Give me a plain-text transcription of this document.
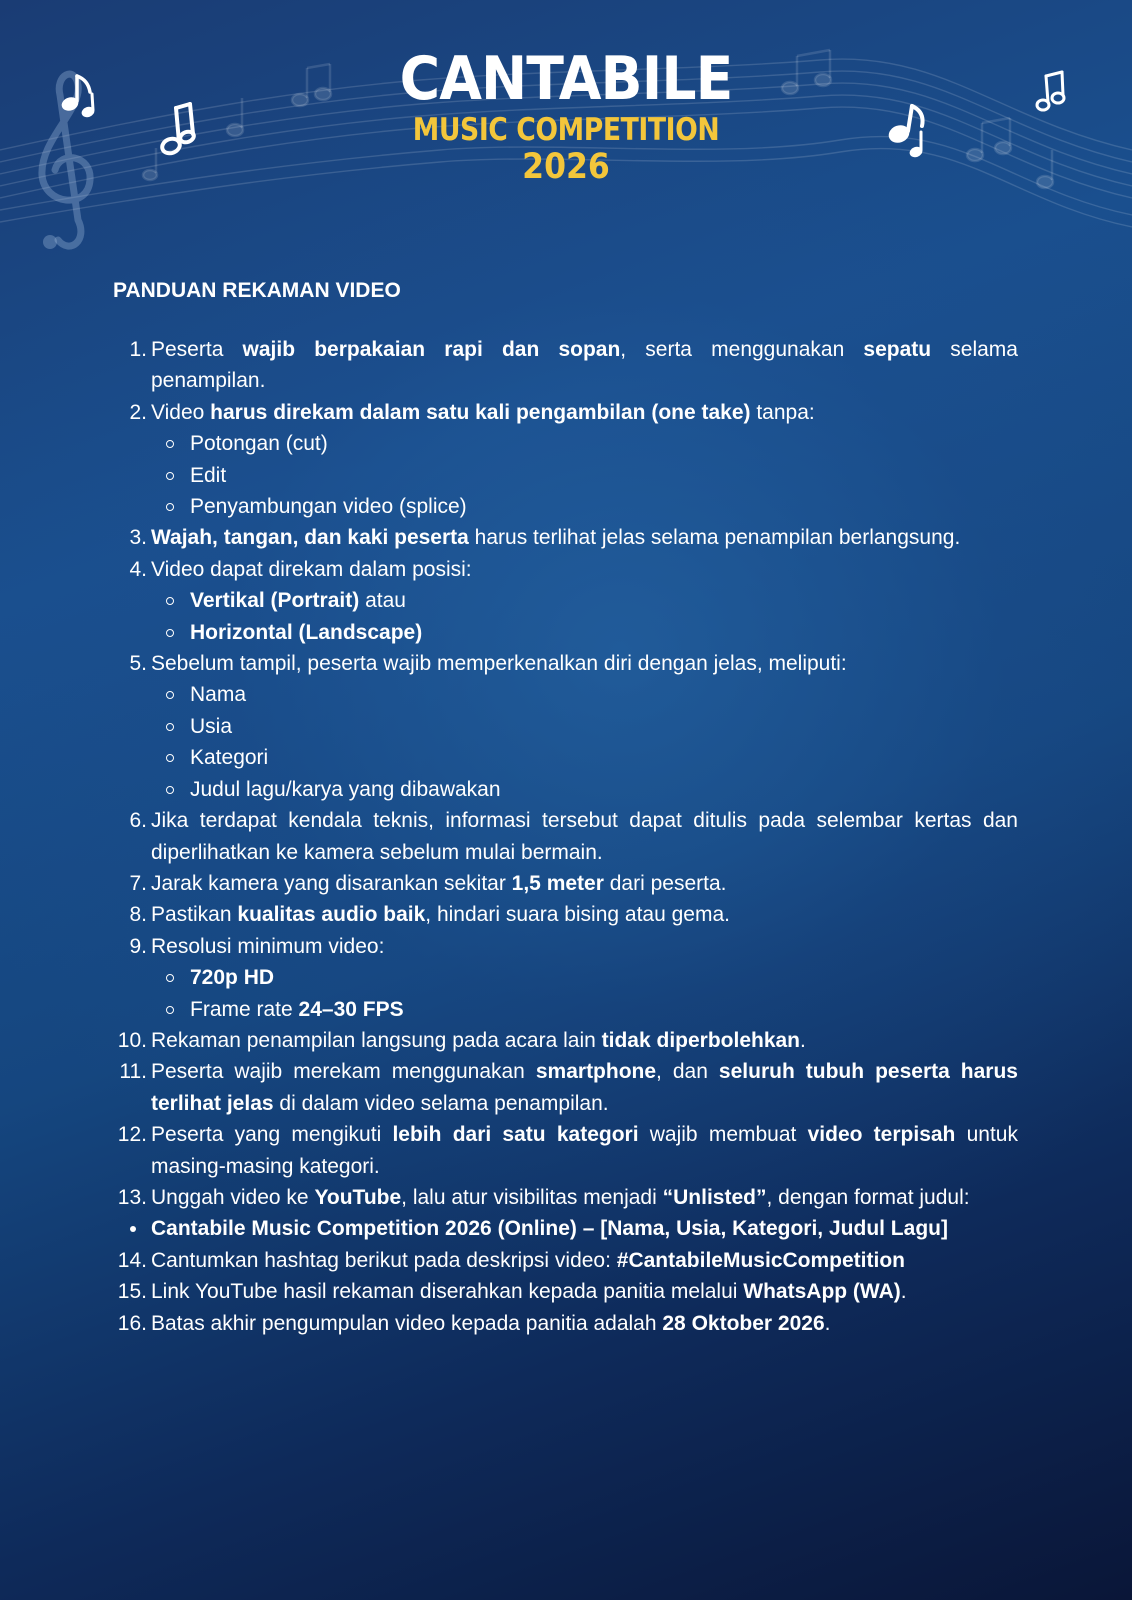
CANTABILE
MUSIC COMPETITION
2026
PANDUAN REKAMAN VIDEO
1. Peserta wajib berpakaian rapi dan sopan, serta menggunakan sepatu selama penampilan.
2. Video harus direkam dalam satu kali pengambilan (one take) tanpa:
Potongan (cut)
Edit
Penyambungan video (splice)
3. Wajah, tangan, dan kaki peserta harus terlihat jelas selama penampilan berlangsung.
4. Video dapat direkam dalam posisi:
Vertikal (Portrait) atau
Horizontal (Landscape)
5. Sebelum tampil, peserta wajib memperkenalkan diri dengan jelas, meliputi:
Nama
Usia
Kategori
Judul lagu/karya yang dibawakan
6. Jika terdapat kendala teknis, informasi tersebut dapat ditulis pada selembar kertas dan diperlihatkan ke kamera sebelum mulai bermain.
7. Jarak kamera yang disarankan sekitar 1,5 meter dari peserta.
8. Pastikan kualitas audio baik, hindari suara bising atau gema.
9. Resolusi minimum video:
720p HD
Frame rate 24–30 FPS
10. Rekaman penampilan langsung pada acara lain tidak diperbolehkan.
11. Peserta wajib merekam menggunakan smartphone, dan seluruh tubuh peserta harus terlihat jelas di dalam video selama penampilan.
12. Peserta yang mengikuti lebih dari satu kategori wajib membuat video terpisah untuk masing-masing kategori.
13. Unggah video ke YouTube, lalu atur visibilitas menjadi “Unlisted”, dengan format judul:
Cantabile Music Competition 2026 (Online) – [Nama, Usia, Kategori, Judul Lagu]
14. Cantumkan hashtag berikut pada deskripsi video: #CantabileMusicCompetition
15. Link YouTube hasil rekaman diserahkan kepada panitia melalui WhatsApp (WA).
16. Batas akhir pengumpulan video kepada panitia adalah 28 Oktober 2026.
